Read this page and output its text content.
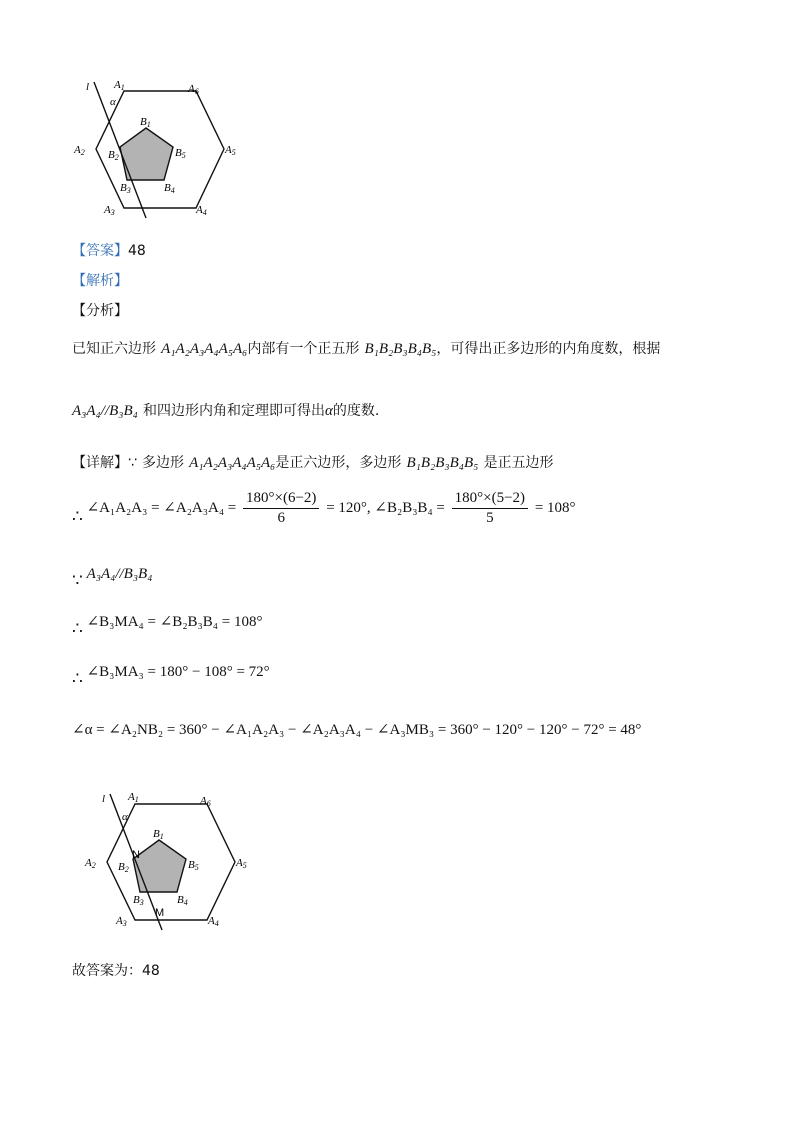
l A1
α
A6
A2	A5
B1
B2	B5
B3	B4
A3	A4
【答案】48
【解析】
【分析】
已知正六边形 A₁A₂A₃A₄A₅A₆内部有一个正五形 B₁B₂B₃B₄B₅，可得出正多边形的内角度数，根据
A₃A₄//B₃B₄ 和四边形内角和定理即可得出α的度数.
【详解】∵ 多边形 A₁A₂A₃A₄A₅A₆是正六边形，多边形 B₁B₂B₃B₄B₅ 是正五边形
∴ ∠A₁A₂A₃ = ∠A₂A₃A₄ = $\frac{180^\circ\times(6-2)}{6} = 120^\circ$, ∠B₂B₃B₄ = $\frac{180^\circ\times(5-2)}{5} = 108^\circ$
∵ A₃A₄//B₃B₄
∴ ∠B₃MA₄ = ∠B₂B₃B₄ = 108°
∴ ∠B₃MA₃ = 180° − 108° = 72°
∠α = ∠A₂NB₂ = 360° − ∠A₁A₂A₃ − ∠A₂A₃A₄ − ∠A₃MB₃ = 360° − 120° − 120° − 72° = 48°
l A1
α
A6
A2	A5
B1
B2
N
B5
B3	B4
M
A3	A4
故答案为：48
